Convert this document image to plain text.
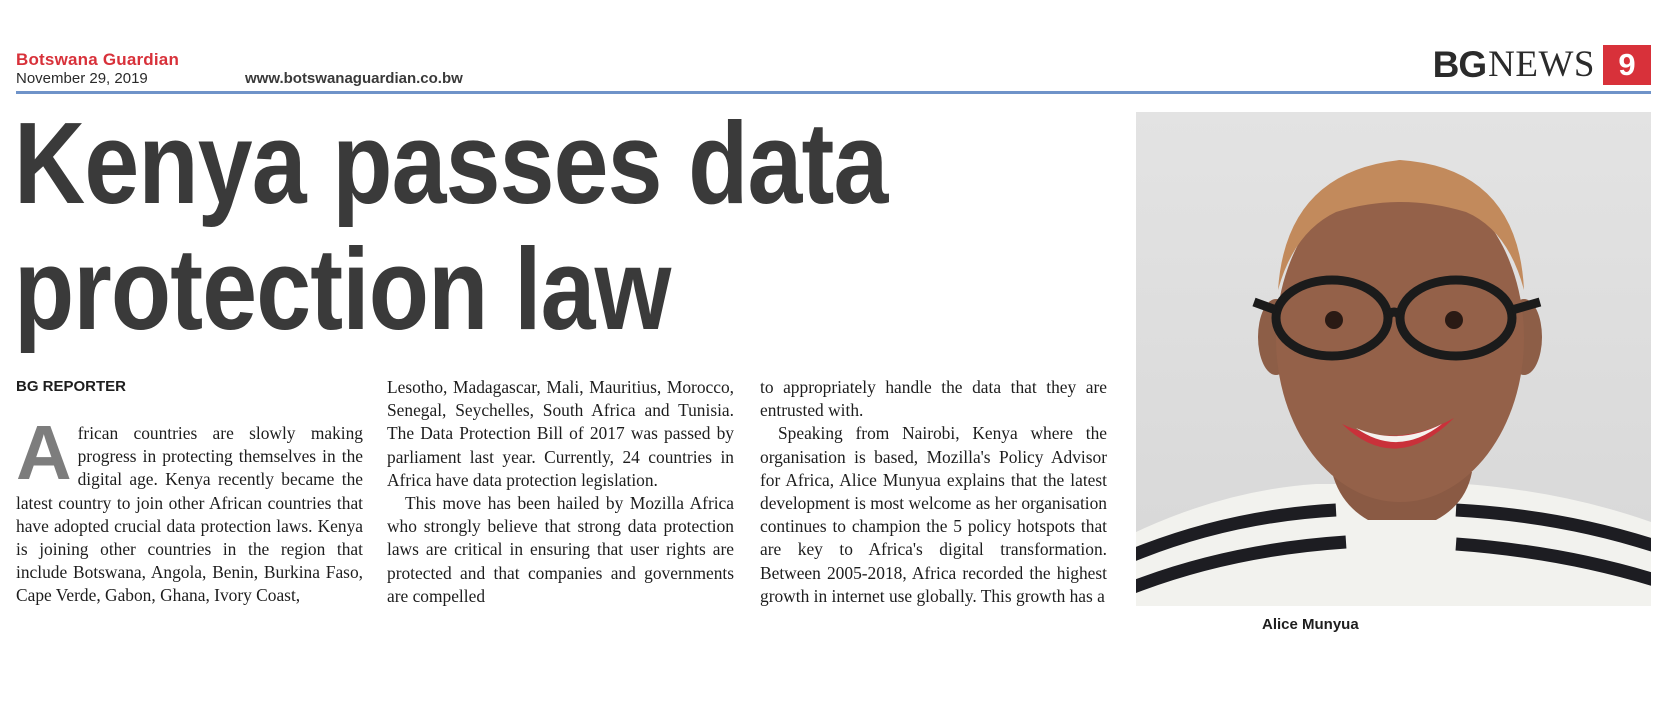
Botswana Guardian
November 29, 2019	www.botswanaguardian.co.bw	BG NEWS 9
Kenya passes data
protection law
BG REPORTER

African countries are slowly making progress in protecting themselves in the digital age. Kenya recently became the latest country to join other African countries that have adopted crucial data protection laws. Kenya is joining other countries in the region that include Botswana, Angola, Benin, Burkina Faso, Cape Verde, Gabon, Ghana, Ivory Coast,

Lesotho, Madagascar, Mali, Mauritius, Morocco, Senegal, Seychelles, South Africa and Tunisia. The Data Protection Bill of 2017 was passed by parliament last year. Currently, 24 countries in Africa have data protection legislation.

This move has been hailed by Mozilla Africa who strongly believe that strong data protection laws are critical in ensuring that user rights are protected and that companies and governments are compelled

to appropriately handle the data that they are entrusted with.

Speaking from Nairobi, Kenya where the organisation is based, Mozilla's Policy Advisor for Africa, Alice Munyua explains that the latest development is most welcome as her organisation continues to champion the 5 policy hotspots that are key to Africa's digital transformation. Between 2005-2018, Africa recorded the highest growth in internet use globally. This growth has a

Alice Munyua
